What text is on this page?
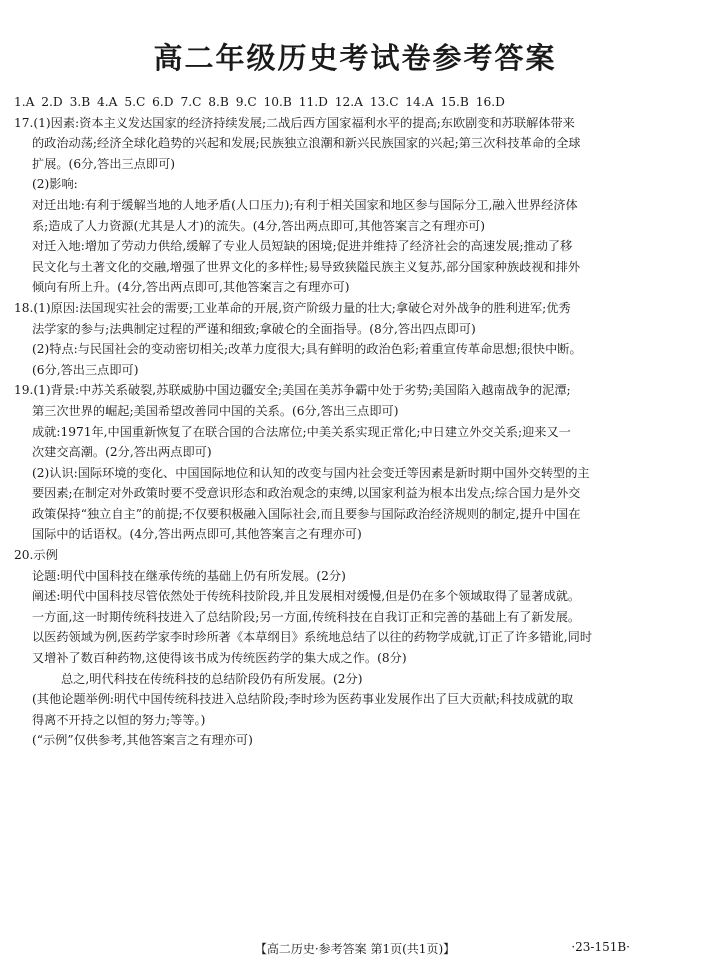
高二年级历史考试卷参考答案

1.A 2.D 3.B 4.A 5.C 6.D 7.C 8.B 9.C 10.B 11.D 12.A 13.C 14.A 15.B 16.D

17.(1)因素:资本主义发达国家的经济持续发展;二战后西方国家福利水平的提高;东欧剧变和苏联解体带来

的政治动荡;经济全球化趋势的兴起和发展;民族独立浪潮和新兴民族国家的兴起;第三次科技革命的全球

扩展。(6分,答出三点即可)

(2)影响:

对迁出地:有利于缓解当地的人地矛盾(人口压力);有利于相关国家和地区参与国际分工,融入世界经济体

系;造成了人力资源(尤其是人才)的流失。(4分,答出两点即可,其他答案言之有理亦可)

对迁入地:增加了劳动力供给,缓解了专业人员短缺的困境;促进并维持了经济社会的高速发展;推动了移

民文化与土著文化的交融,增强了世界文化的多样性;易导致狭隘民族主义复苏,部分国家种族歧视和排外

倾向有所上升。(4分,答出两点即可,其他答案言之有理亦可)

18.(1)原因:法国现实社会的需要;工业革命的开展,资产阶级力量的壮大;拿破仑对外战争的胜利进军;优秀

法学家的参与;法典制定过程的严谨和细致;拿破仑的全面指导。(8分,答出四点即可)

(2)特点:与民国社会的变动密切相关;改革力度很大;具有鲜明的政治色彩;着重宣传革命思想;很快中断。

(6分,答出三点即可)

19.(1)背景:中苏关系破裂,苏联威胁中国边疆安全;美国在美苏争霸中处于劣势;美国陷入越南战争的泥潭;

第三次世界的崛起;美国希望改善同中国的关系。(6分,答出三点即可)

成就:1971年,中国重新恢复了在联合国的合法席位;中美关系实现正常化;中日建立外交关系;迎来又一

次建交高潮。(2分,答出两点即可)

(2)认识:国际环境的变化、中国国际地位和认知的改变与国内社会变迁等因素是新时期中国外交转型的主

要因素;在制定对外政策时要不受意识形态和政治观念的束缚,以国家利益为根本出发点;综合国力是外交

政策保持“独立自主”的前提;不仅要积极融入国际社会,而且要参与国际政治经济规则的制定,提升中国在

国际中的话语权。(4分,答出两点即可,其他答案言之有理亦可)

20.示例

论题:明代中国科技在继承传统的基础上仍有所发展。(2分)

阐述:明代中国科技尽管依然处于传统科技阶段,并且发展相对缓慢,但是仍在多个领域取得了显著成就。

一方面,这一时期传统科技进入了总结阶段;另一方面,传统科技在自我订正和完善的基础上有了新发展。

以医药领域为例,医药学家李时珍所著《本草纲目》系统地总结了以往的药物学成就,订正了许多错讹,同时

又增补了数百种药物,这使得该书成为传统医药学的集大成之作。(8分)

总之,明代科技在传统科技的总结阶段仍有所发展。(2分)

(其他论题举例:明代中国传统科技进入总结阶段;李时珍为医药事业发展作出了巨大贡献;科技成就的取

得离不开持之以恒的努力;等等。)

(“示例”仅供参考,其他答案言之有理亦可)

【高二历史·参考答案 第1页(共1页)】	·23-151B·
